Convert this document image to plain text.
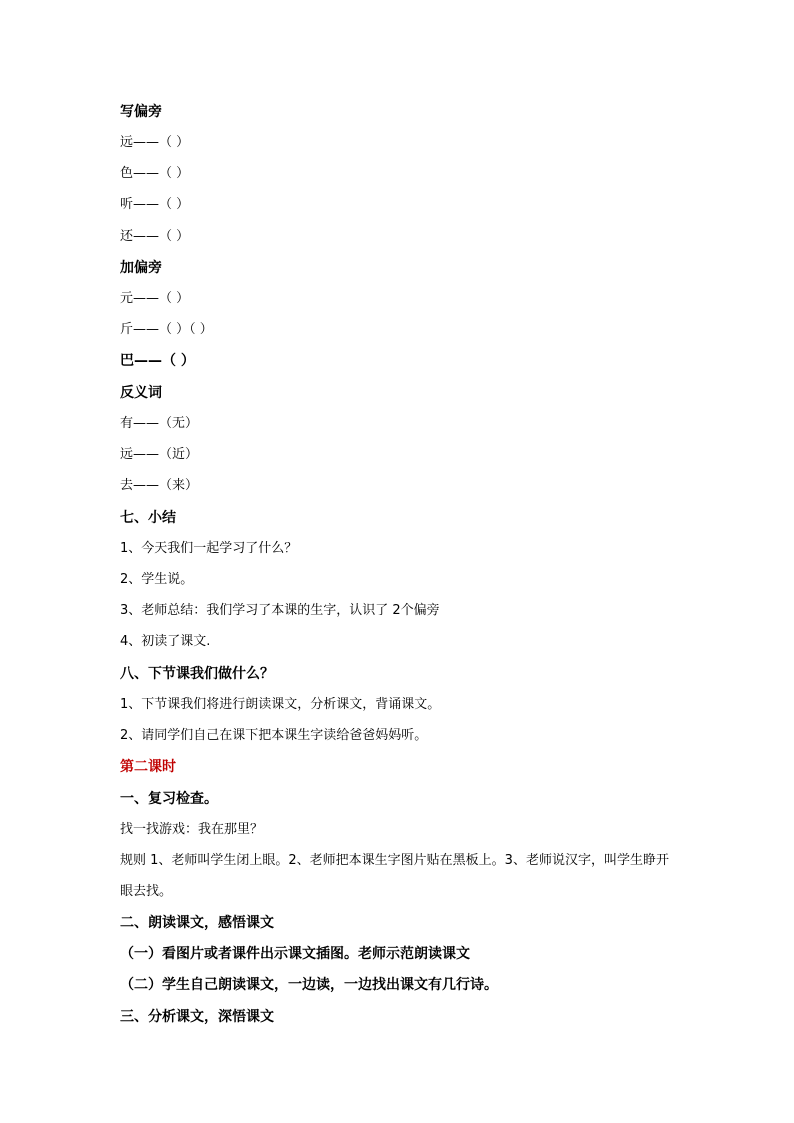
写偏旁
远——（ ）
色——（ ）
听——（ ）
还——（ ）
加偏旁
元——（ ）
斤——（ ）（ ）
巴——（ ）
反义词
有——（无）
远——（近）
去——（来）
七、小结
1、今天我们一起学习了什么？
2、学生说。
3、老师总结：我们学习了本课的生字，认识了 2个偏旁
4、初读了课文.
八、下节课我们做什么？
1、下节课我们将进行朗读课文，分析课文，背诵课文。
2、请同学们自己在课下把本课生字读给爸爸妈妈听。
第二课时
一、复习检查。
找一找游戏：我在那里？
规则 1、老师叫学生闭上眼。2、老师把本课生字图片贴在黑板上。3、老师说汉字，叫学生睁开眼去找。
二、朗读课文，感悟课文
（一）看图片或者课件出示课文插图。老师示范朗读课文
（二）学生自己朗读课文，一边读，一边找出课文有几行诗。
三、分析课文，深悟课文
